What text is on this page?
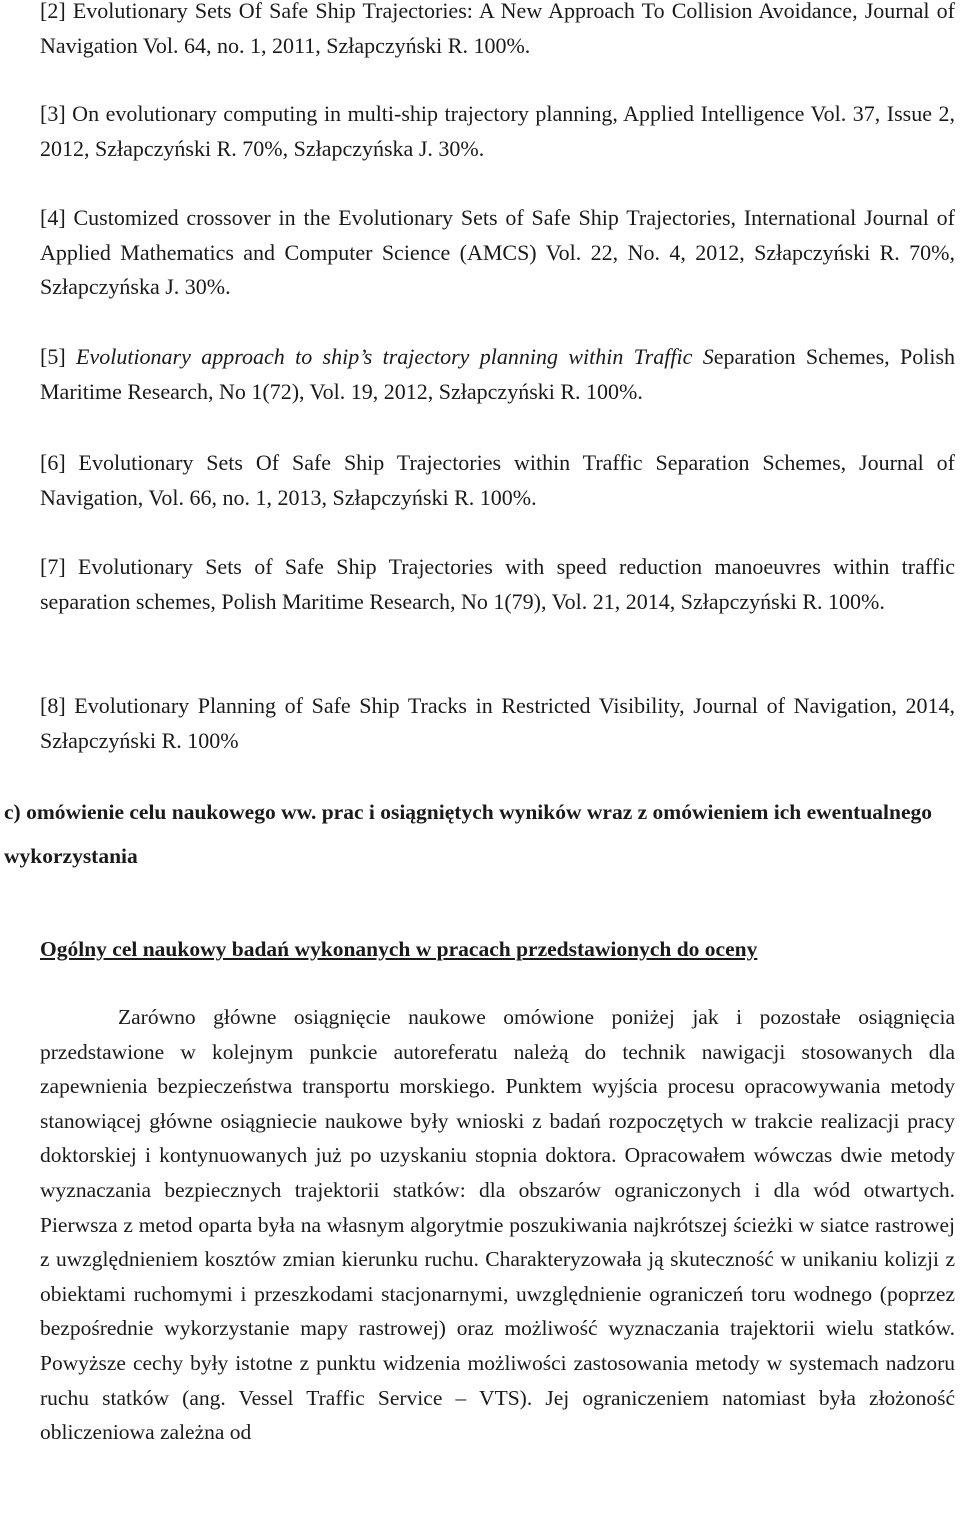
[2] Evolutionary Sets Of Safe Ship Trajectories: A New Approach To Collision Avoidance, Journal of Navigation Vol. 64, no. 1, 2011, Szłapczyński R. 100%.

[3] On evolutionary computing in multi-ship trajectory planning, Applied Intelligence Vol. 37, Issue 2, 2012, Szłapczyński R. 70%, Szłapczyńska J. 30%.

[4] Customized crossover in the Evolutionary Sets of Safe Ship Trajectories, International Journal of Applied Mathematics and Computer Science (AMCS) Vol. 22, No. 4, 2012, Szłapczyński R. 70%, Szłapczyńska J. 30%.

[5] Evolutionary approach to ship’s trajectory planning within Traffic Separation Schemes, Polish Maritime Research, No 1(72), Vol. 19, 2012, Szłapczyński R. 100%.

[6] Evolutionary Sets Of Safe Ship Trajectories within Traffic Separation Schemes, Journal of Navigation, Vol. 66, no. 1, 2013, Szłapczyński R. 100%.

[7] Evolutionary Sets of Safe Ship Trajectories with speed reduction manoeuvres within traffic separation schemes, Polish Maritime Research, No 1(79), Vol. 21, 2014, Szłapczyński R. 100%.

[8] Evolutionary Planning of Safe Ship Tracks in Restricted Visibility, Journal of Navigation, 2014, Szłapczyński R. 100%

c) omówienie celu naukowego ww. prac i osiągniętych wyników wraz z omówieniem ich ewentualnego wykorzystania

Ogólny cel naukowy badań wykonanych w pracach przedstawionych do oceny

Zarówno główne osiągnięcie naukowe omówione poniżej jak i pozostałe osiągnięcia przedstawione w kolejnym punkcie autoreferatu należą do technik nawigacji stosowanych dla zapewnienia bezpieczeństwa transportu morskiego. Punktem wyjścia procesu opracowywania metody stanowiącej główne osiągniecie naukowe były wnioski z badań rozpoczętych w trakcie realizacji pracy doktorskiej i kontynuowanych już po uzyskaniu stopnia doktora. Opracowałem wówczas dwie metody wyznaczania bezpiecznych trajektorii statków: dla obszarów ograniczonych i dla wód otwartych. Pierwsza z metod oparta była na własnym algorytmie poszukiwania najkrótszej ścieżki w siatce rastrowej z uwzględnieniem kosztów zmian kierunku ruchu. Charakteryzowała ją skuteczność w unikaniu kolizji z obiektami ruchomymi i przeszkodami stacjonarnymi, uwzględnienie ograniczeń toru wodnego (poprzez bezpośrednie wykorzystanie mapy rastrowej) oraz możliwość wyznaczania trajektorii wielu statków. Powyższe cechy były istotne z punktu widzenia możliwości zastosowania metody w systemach nadzoru ruchu statków (ang. Vessel Traffic Service – VTS). Jej ograniczeniem natomiast była złożoność obliczeniowa zależna od
